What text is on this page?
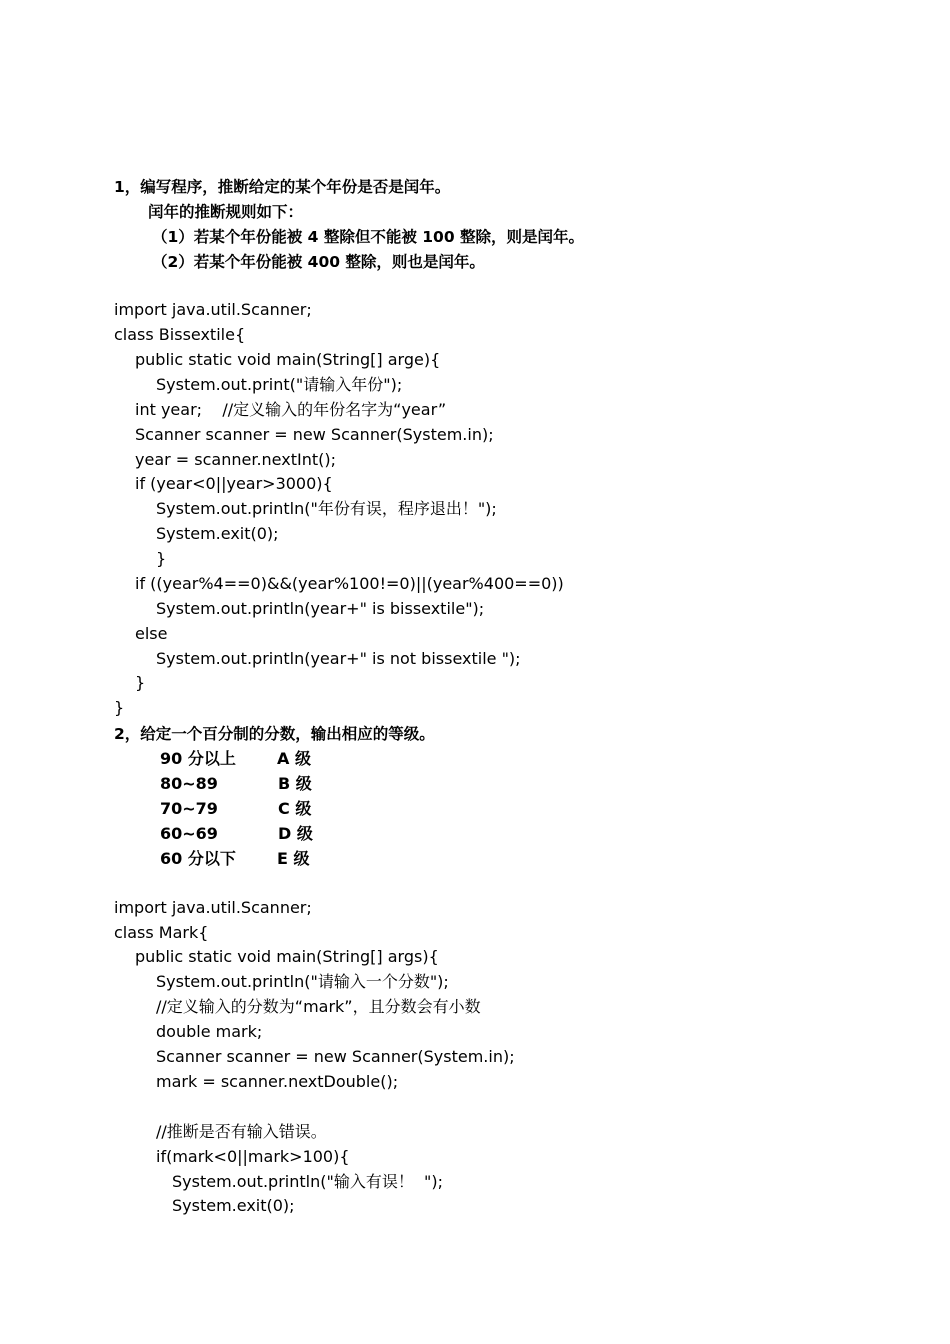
1，编写程序，推断给定的某个年份是否是闰年。
闰年的推断规则如下：
（1）若某个年份能被 4 整除但不能被 100 整除，则是闰年。
（2）若某个年份能被 400 整除，则也是闰年。
import java.util.Scanner;
class Bissextile{
public static void main(String[] arge){
System.out.print("请输入年份");
int year;    //定义输入的年份名字为“year”
Scanner scanner = new Scanner(System.in);
year = scanner.nextInt();
if (year<0||year>3000){
System.out.println("年份有误，程序退出！");
System.exit(0);
}
if ((year%4==0)&&(year%100!=0)||(year%400==0))
System.out.println(year+" is bissextile");
else
System.out.println(year+" is not bissextile ");
}
}
2，给定一个百分制的分数，输出相应的等级。
90 分以上	A 级
80~89	B 级
70~79	C 级
60~69	D 级
60 分以下	E 级
import java.util.Scanner;
class Mark{
public static void main(String[] args){
System.out.println("请输入一个分数");
//定义输入的分数为“mark”，且分数会有小数
double mark;
Scanner scanner = new Scanner(System.in);
mark = scanner.nextDouble();
//推断是否有输入错误。
if(mark<0||mark>100){
System.out.println("输入有误！  ");
System.exit(0);
